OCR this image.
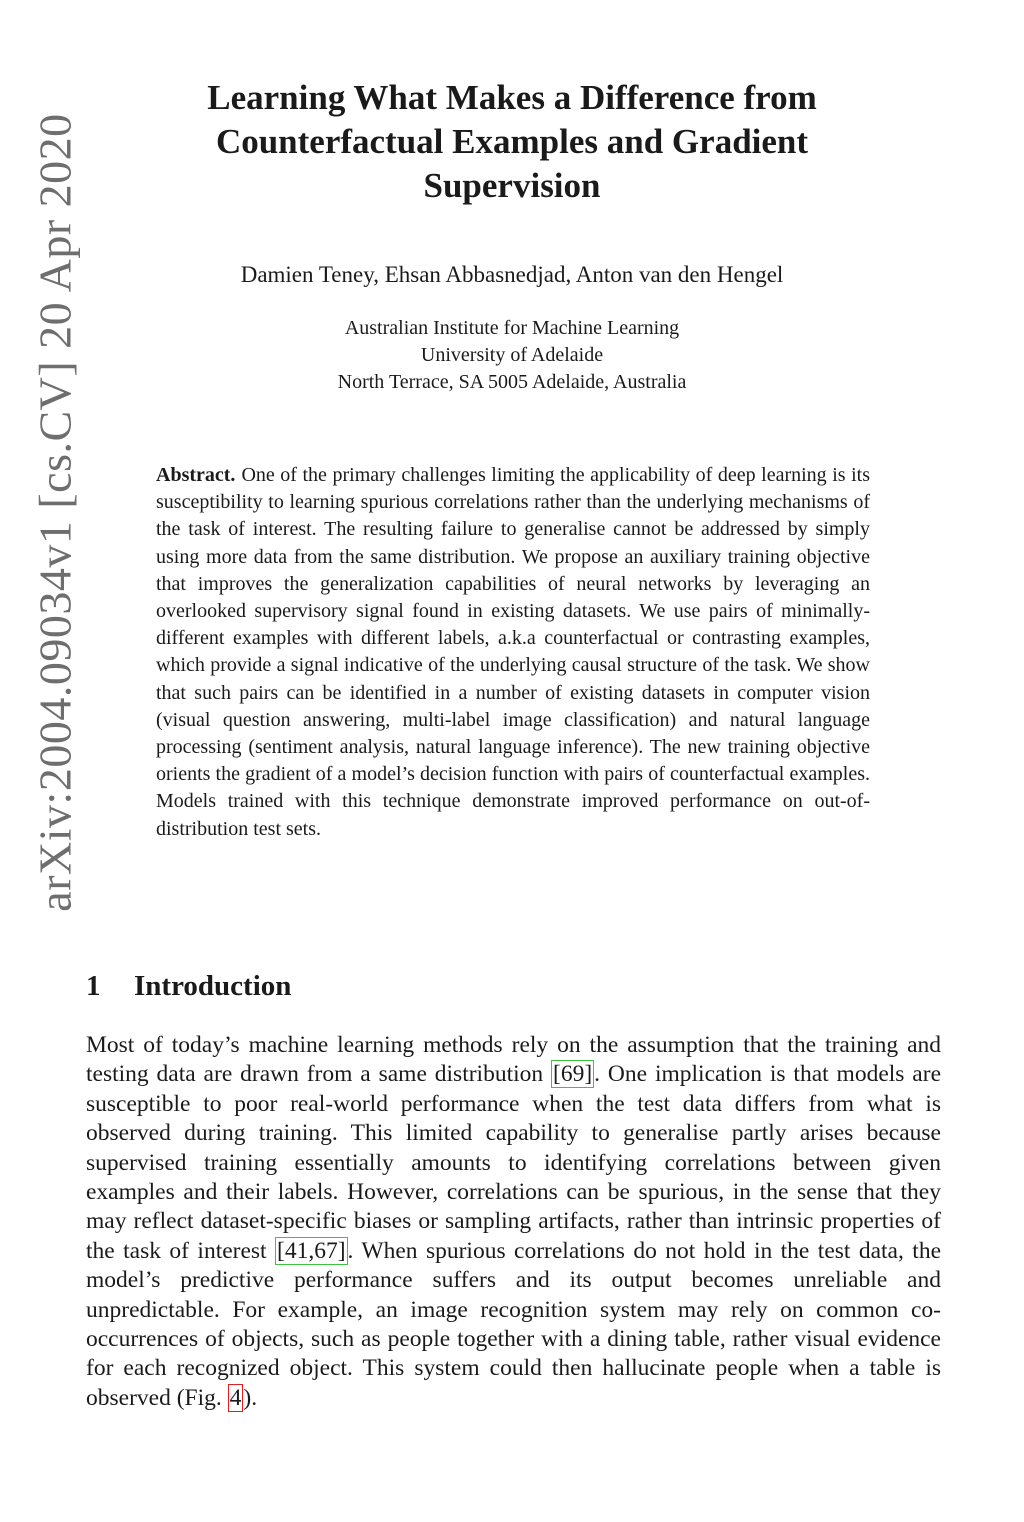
arXiv:2004.09034v1 [cs.CV] 20 Apr 2020
Learning What Makes a Difference from Counterfactual Examples and Gradient Supervision
Damien Teney, Ehsan Abbasnedjad, Anton van den Hengel
Australian Institute for Machine Learning
University of Adelaide
North Terrace, SA 5005 Adelaide, Australia
Abstract. One of the primary challenges limiting the applicability of deep learning is its susceptibility to learning spurious correlations rather than the underlying mechanisms of the task of interest. The resulting failure to generalise cannot be addressed by simply using more data from the same distribution. We propose an auxiliary training objective that improves the generalization capabilities of neural networks by leveraging an overlooked supervisory signal found in existing datasets. We use pairs of minimally-different examples with different labels, a.k.a counterfactual or contrasting examples, which provide a signal indicative of the underlying causal structure of the task. We show that such pairs can be identified in a number of existing datasets in computer vision (visual question answering, multi-label image classification) and natural language processing (sentiment analysis, natural language inference). The new training objective orients the gradient of a model’s decision function with pairs of counterfactual examples. Models trained with this technique demonstrate improved performance on out-of-distribution test sets.
1 Introduction

Most of today’s machine learning methods rely on the assumption that the training and testing data are drawn from a same distribution [69]. One implication is that models are susceptible to poor real-world performance when the test data differs from what is observed during training. This limited capability to generalise partly arises because supervised training essentially amounts to identifying correlations between given examples and their labels. However, correlations can be spurious, in the sense that they may reflect dataset-specific biases or sampling artifacts, rather than intrinsic properties of the task of interest [41,67]. When spurious correlations do not hold in the test data, the model’s predictive performance suffers and its output becomes unreliable and unpredictable. For example, an image recognition system may rely on common co-occurrences of objects, such as people together with a dining table, rather visual evidence for each recognized object. This system could then hallucinate people when a table is observed (Fig. 4).
